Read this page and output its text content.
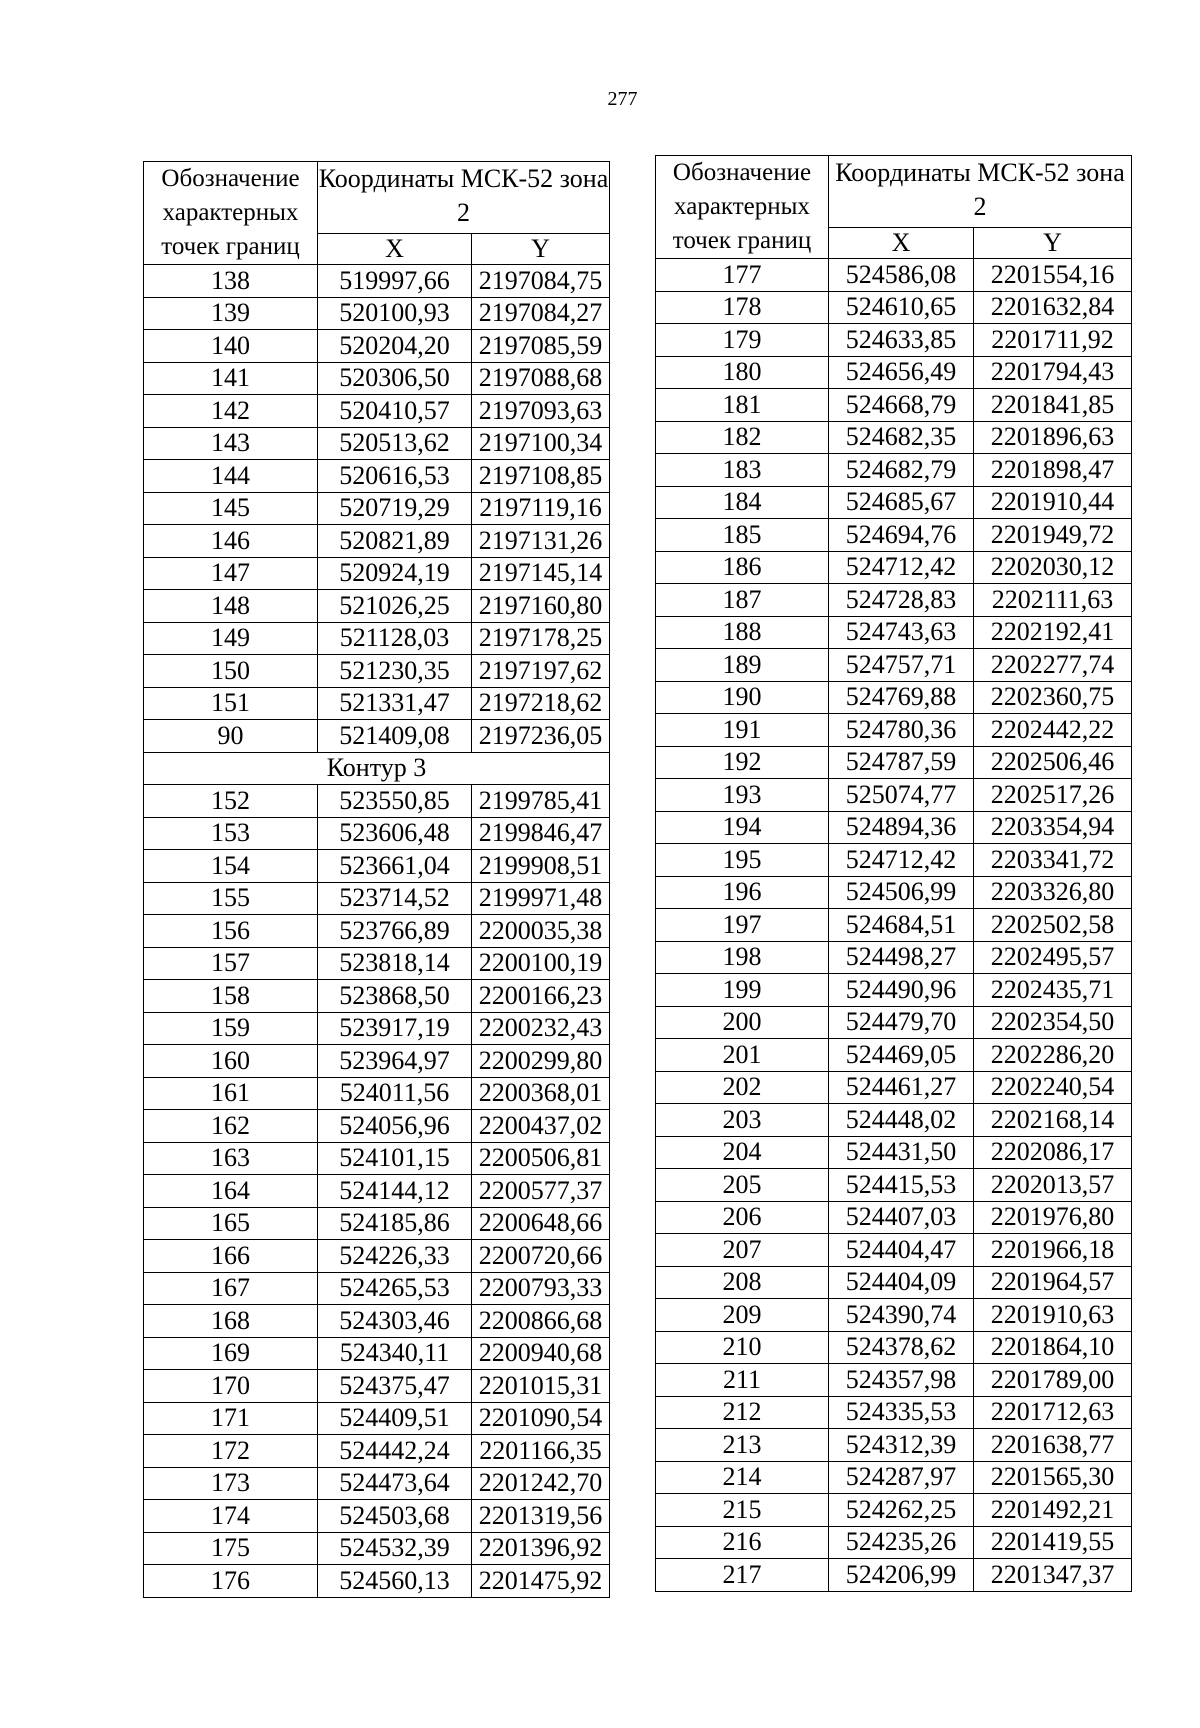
277
Обозначение характерных точек границ	Координаты МСК-52 зона 2	
	X	Y
138	519997,66	2197084,75
139	520100,93	2197084,27
140	520204,20	2197085,59
141	520306,50	2197088,68
142	520410,57	2197093,63
143	520513,62	2197100,34
144	520616,53	2197108,85
145	520719,29	2197119,16
146	520821,89	2197131,26
147	520924,19	2197145,14
148	521026,25	2197160,80
149	521128,03	2197178,25
150	521230,35	2197197,62
151	521331,47	2197218,62
90	521409,08	2197236,05
Контур 3		
152	523550,85	2199785,41
153	523606,48	2199846,47
154	523661,04	2199908,51
155	523714,52	2199971,48
156	523766,89	2200035,38
157	523818,14	2200100,19
158	523868,50	2200166,23
159	523917,19	2200232,43
160	523964,97	2200299,80
161	524011,56	2200368,01
162	524056,96	2200437,02
163	524101,15	2200506,81
164	524144,12	2200577,37
165	524185,86	2200648,66
166	524226,33	2200720,66
167	524265,53	2200793,33
168	524303,46	2200866,68
169	524340,11	2200940,68
170	524375,47	2201015,31
171	524409,51	2201090,54
172	524442,24	2201166,35
173	524473,64	2201242,70
174	524503,68	2201319,56
175	524532,39	2201396,92
176	524560,13	2201475,92
Обозначение характерных точек границ	Координаты МСК-52 зона 2	
	X	Y
177	524586,08	2201554,16
178	524610,65	2201632,84
179	524633,85	2201711,92
180	524656,49	2201794,43
181	524668,79	2201841,85
182	524682,35	2201896,63
183	524682,79	2201898,47
184	524685,67	2201910,44
185	524694,76	2201949,72
186	524712,42	2202030,12
187	524728,83	2202111,63
188	524743,63	2202192,41
189	524757,71	2202277,74
190	524769,88	2202360,75
191	524780,36	2202442,22
192	524787,59	2202506,46
193	525074,77	2202517,26
194	524894,36	2203354,94
195	524712,42	2203341,72
196	524506,99	2203326,80
197	524684,51	2202502,58
198	524498,27	2202495,57
199	524490,96	2202435,71
200	524479,70	2202354,50
201	524469,05	2202286,20
202	524461,27	2202240,54
203	524448,02	2202168,14
204	524431,50	2202086,17
205	524415,53	2202013,57
206	524407,03	2201976,80
207	524404,47	2201966,18
208	524404,09	2201964,57
209	524390,74	2201910,63
210	524378,62	2201864,10
211	524357,98	2201789,00
212	524335,53	2201712,63
213	524312,39	2201638,77
214	524287,97	2201565,30
215	524262,25	2201492,21
216	524235,26	2201419,55
217	524206,99	2201347,37
